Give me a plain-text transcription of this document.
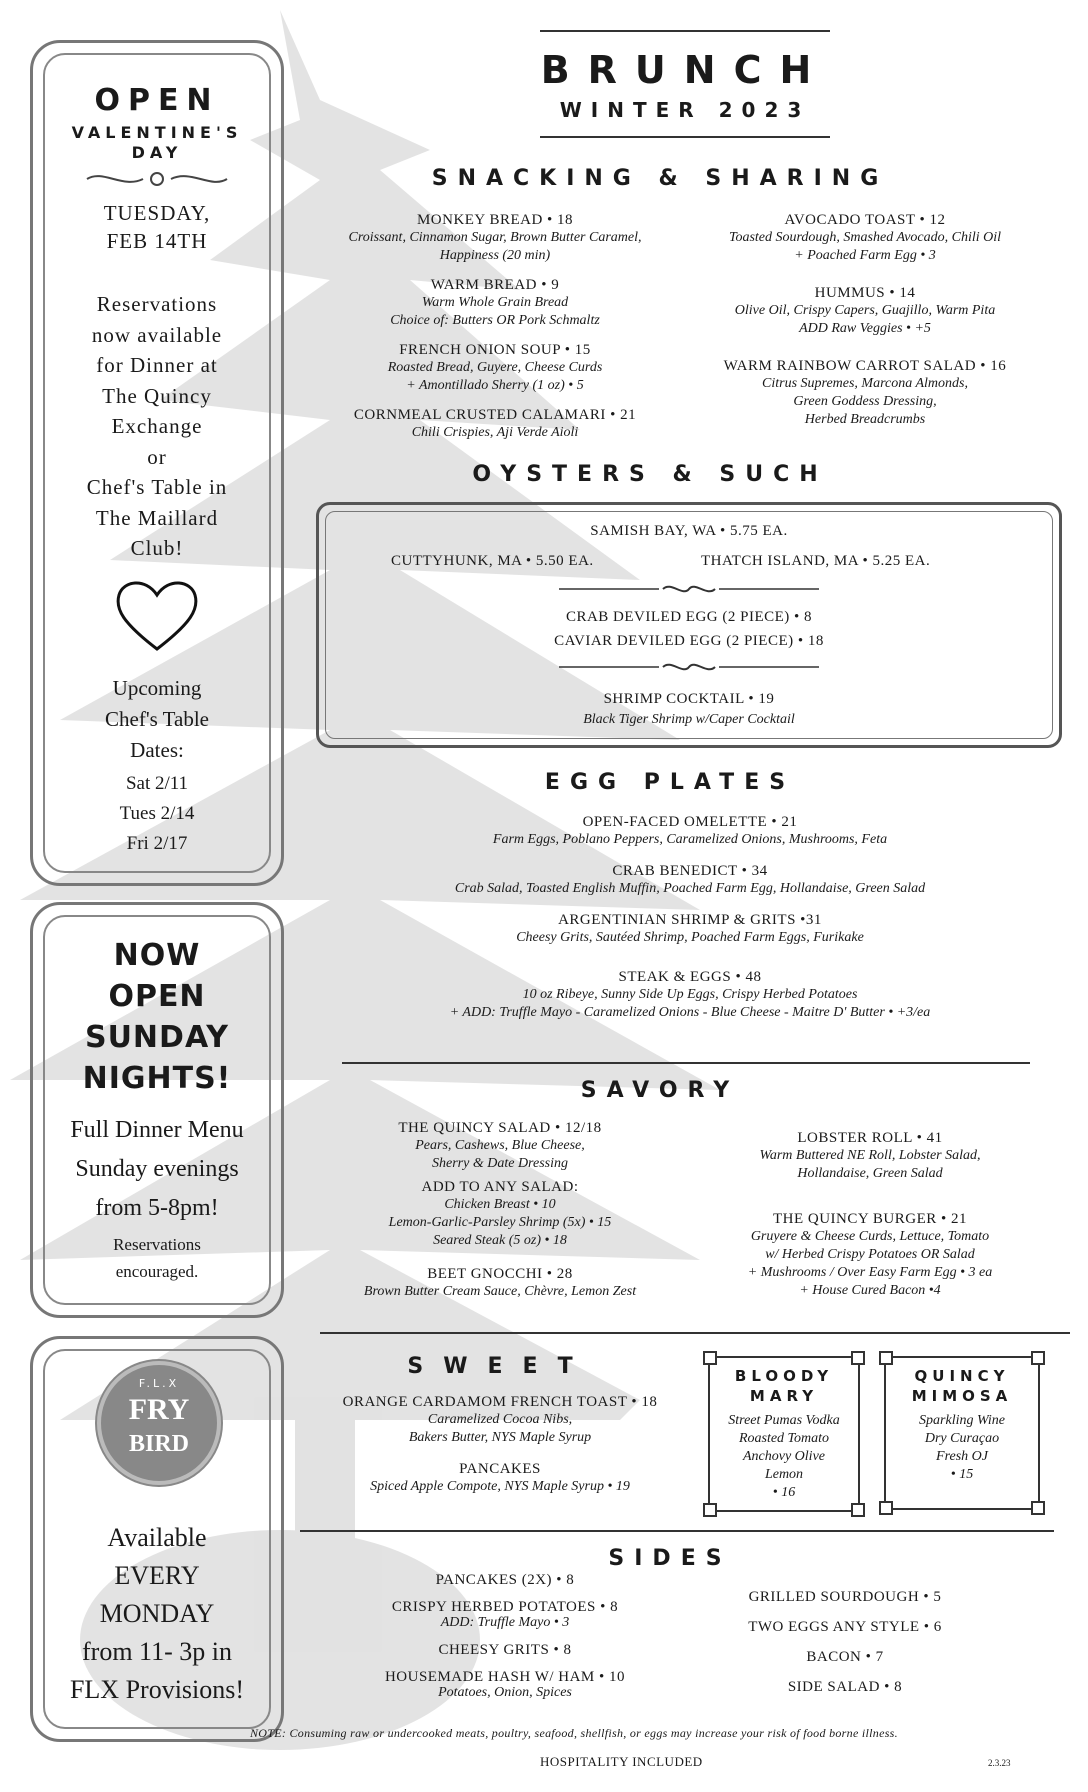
BRUNCH
WINTER 2023
OPEN
VALENTINE'S
DAY
TUESDAY,
FEB 14TH
Reservations
now available
for Dinner at
The Quincy
Exchange
or
Chef's Table in
The Maillard
Club!
Upcoming
Chef's Table
Dates:
Sat 2/11
Tues 2/14
Fri 2/17
NOW
OPEN
SUNDAY
NIGHTS!
Full Dinner Menu
Sunday evenings
from 5-8pm!
Reservations
encouraged.
F.L.X
FRY
BIRD
Available
EVERY
MONDAY
from 11- 3p in
FLX Provisions!
SNACKING & SHARING
MONKEY BREAD • 18
Croissant, Cinnamon Sugar, Brown Butter Caramel,
Happiness (20 min)
WARM BREAD • 9
Warm Whole Grain Bread
Choice of: Butters OR Pork Schmaltz
FRENCH ONION SOUP • 15
Roasted Bread, Guyere, Cheese Curds
+ Amontillado Sherry (1 oz) • 5
CORNMEAL CRUSTED CALAMARI • 21
Chili Crispies, Aji Verde Aioli
AVOCADO TOAST • 12
Toasted Sourdough, Smashed Avocado, Chili Oil
+ Poached Farm Egg • 3
HUMMUS • 14
Olive Oil, Crispy Capers, Guajillo, Warm Pita
ADD Raw Veggies • +5
WARM RAINBOW CARROT SALAD • 16
Citrus Supremes, Marcona Almonds,
Green Goddess Dressing,
Herbed Breadcrumbs
OYSTERS & SUCH
SAMISH BAY, WA • 5.75 EA.
CUTTYHUNK, MA • 5.50 EA.	THATCH ISLAND, MA • 5.25 EA.
CRAB DEVILED EGG (2 PIECE) • 8
CAVIAR DEVILED EGG (2 PIECE) • 18
SHRIMP COCKTAIL • 19
Black Tiger Shrimp w/Caper Cocktail
EGG PLATES
OPEN-FACED OMELETTE • 21
Farm Eggs, Poblano Peppers, Caramelized Onions, Mushrooms, Feta
CRAB BENEDICT • 34
Crab Salad, Toasted English Muffin, Poached Farm Egg, Hollandaise, Green Salad
ARGENTINIAN SHRIMP & GRITS •31
Cheesy Grits, Sautéed Shrimp, Poached Farm Eggs, Furikake
STEAK & EGGS • 48
10 oz Ribeye, Sunny Side Up Eggs, Crispy Herbed Potatoes
+ ADD: Truffle Mayo - Caramelized Onions - Blue Cheese - Maitre D' Butter • +3/ea
SAVORY
THE QUINCY SALAD • 12/18
Pears, Cashews, Blue Cheese,
Sherry & Date Dressing
ADD TO ANY SALAD:
Chicken Breast • 10
Lemon-Garlic-Parsley Shrimp (5x) • 15
Seared Steak (5 oz) • 18
BEET GNOCCHI • 28
Brown Butter Cream Sauce, Chèvre, Lemon Zest
LOBSTER ROLL • 41
Warm Buttered NE Roll, Lobster Salad,
Hollandaise, Green Salad
THE QUINCY BURGER • 21
Gruyere & Cheese Curds, Lettuce, Tomato
w/ Herbed Crispy Potatoes OR Salad
+ Mushrooms / Over Easy Farm Egg • 3 ea
+ House Cured Bacon •4
SWEET
ORANGE CARDAMOM FRENCH TOAST • 18
Caramelized Cocoa Nibs,
Bakers Butter, NYS Maple Syrup
PANCAKES
Spiced Apple Compote, NYS Maple Syrup • 19
BLOODY
MARY
Street Pumas Vodka
Roasted Tomato
Anchovy Olive
Lemon
• 16
QUINCY
MIMOSA
Sparkling Wine
Dry Curaçao
Fresh OJ
• 15
SIDES
PANCAKES (2X) • 8
CRISPY HERBED POTATOES • 8
ADD: Truffle Mayo • 3
CHEESY GRITS • 8
HOUSEMADE HASH W/ HAM • 10
Potatoes, Onion, Spices
GRILLED SOURDOUGH • 5
TWO EGGS ANY STYLE • 6
BACON • 7
SIDE SALAD • 8
NOTE: Consuming raw or undercooked meats, poultry, seafood, shellfish, or eggs may increase your risk of food borne illness.
HOSPITALITY INCLUDED	2.3.23
